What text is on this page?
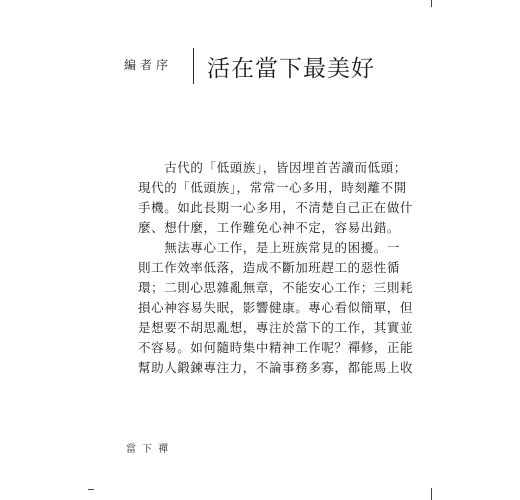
編者序 活在當下最美好
　　古代的「低頭族」，皆因埋首苦讀而低頭；
現代的「低頭族」，常常一心多用，時刻離不開
手機。如此長期一心多用，不清楚自己正在做什
麼、想什麼，工作難免心神不定，容易出錯。
　　無法專心工作，是上班族常見的困擾。一
則工作效率低落，造成不斷加班趕工的惡性循
環；二則心思雜亂無章，不能安心工作；三則耗
損心神容易失眠，影響健康。專心看似簡單，但
是想要不胡思亂想，專注於當下的工作，其實並
不容易。如何隨時集中精神工作呢？禪修，正能
幫助人鍛鍊專注力，不論事務多寡，都能馬上收
當下禪
